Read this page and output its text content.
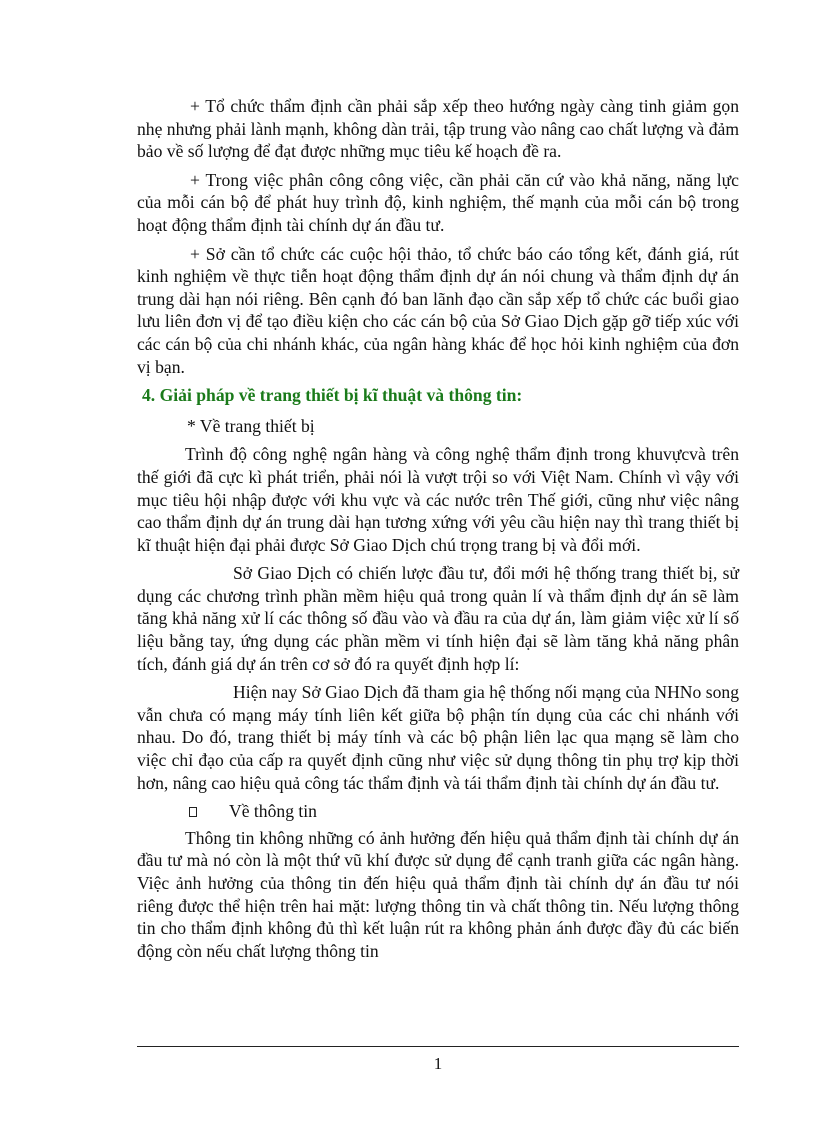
+ Tổ chức thẩm định cần phải sắp xếp theo hướng ngày càng tinh giảm gọn nhẹ nhưng phải lành mạnh, không dàn trải, tập trung vào nâng cao chất lượng và đảm bảo về số lượng để đạt được những mục tiêu kế hoạch đề ra.

+ Trong việc phân công công việc, cần phải căn cứ vào khả năng, năng lực của mỗi cán bộ để phát huy trình độ, kinh nghiệm, thế mạnh của mỗi cán bộ trong hoạt động thẩm định tài chính dự án đầu tư.

+ Sở cần tổ chức các cuộc hội thảo, tổ chức báo cáo tổng kết, đánh giá, rút kinh nghiệm về thực tiễn hoạt động thẩm định dự án nói chung và thẩm định dự án trung dài hạn nói riêng. Bên cạnh đó ban lãnh đạo cần sắp xếp tổ chức các buổi giao lưu liên đơn vị để tạo điều kiện cho các cán bộ của Sở Giao Dịch gặp gỡ tiếp xúc với các cán bộ của chi nhánh khác, của ngân hàng khác để học hỏi kinh nghiệm của đơn vị bạn.

4. Giải pháp về trang thiết bị kĩ thuật và thông tin:

* Về trang thiết bị

Trình độ công nghệ ngân hàng và công nghệ thẩm định trong khuvựcvà trên thế giới đã cực kì phát triển, phải nói là vượt trội so với Việt Nam. Chính vì vậy với mục tiêu hội nhập được với khu vực và các nước trên Thế giới, cũng như việc nâng cao thẩm định dự án trung dài hạn tương xứng với yêu cầu hiện nay thì trang thiết bị kĩ thuật hiện đại phải được Sở Giao Dịch chú trọng trang bị và đổi mới.

Sở Giao Dịch có chiến lược đầu tư, đổi mới hệ thống trang thiết bị, sử dụng các chương trình phần mềm hiệu quả trong quản lí và thẩm định dự án sẽ làm tăng khả năng xử lí các thông số đầu vào và đầu ra của dự án, làm giảm việc xử lí số liệu bằng tay, ứng dụng các phần mềm vi tính hiện đại sẽ làm tăng khả năng phân tích, đánh giá dự án trên cơ sở đó ra quyết định hợp lí:

Hiện nay Sở Giao Dịch đã tham gia hệ thống nối mạng của NHNo song vẫn chưa có mạng máy tính liên kết giữa bộ phận tín dụng của các chi nhánh với nhau. Do đó, trang thiết bị máy tính và các bộ phận liên lạc qua mạng sẽ làm cho việc chỉ đạo của cấp ra quyết định cũng như việc sử dụng thông tin phụ trợ kịp thời hơn, nâng cao hiệu quả công tác thẩm định và tái thẩm định tài chính dự án đầu tư.

Về thông tin

Thông tin không những có ảnh hưởng đến hiệu quả thẩm định tài chính dự án đầu tư mà nó còn là một thứ vũ khí được sử dụng để cạnh tranh giữa các ngân hàng. Việc ảnh hưởng của thông tin đến hiệu quả thẩm định tài chính dự án đầu tư nói riêng được thể hiện trên hai mặt: lượng thông tin và chất thông tin. Nếu lượng thông tin cho thẩm định không đủ thì kết luận rút ra không phản ánh được đầy đủ các biến động còn nếu chất lượng thông tin

1
